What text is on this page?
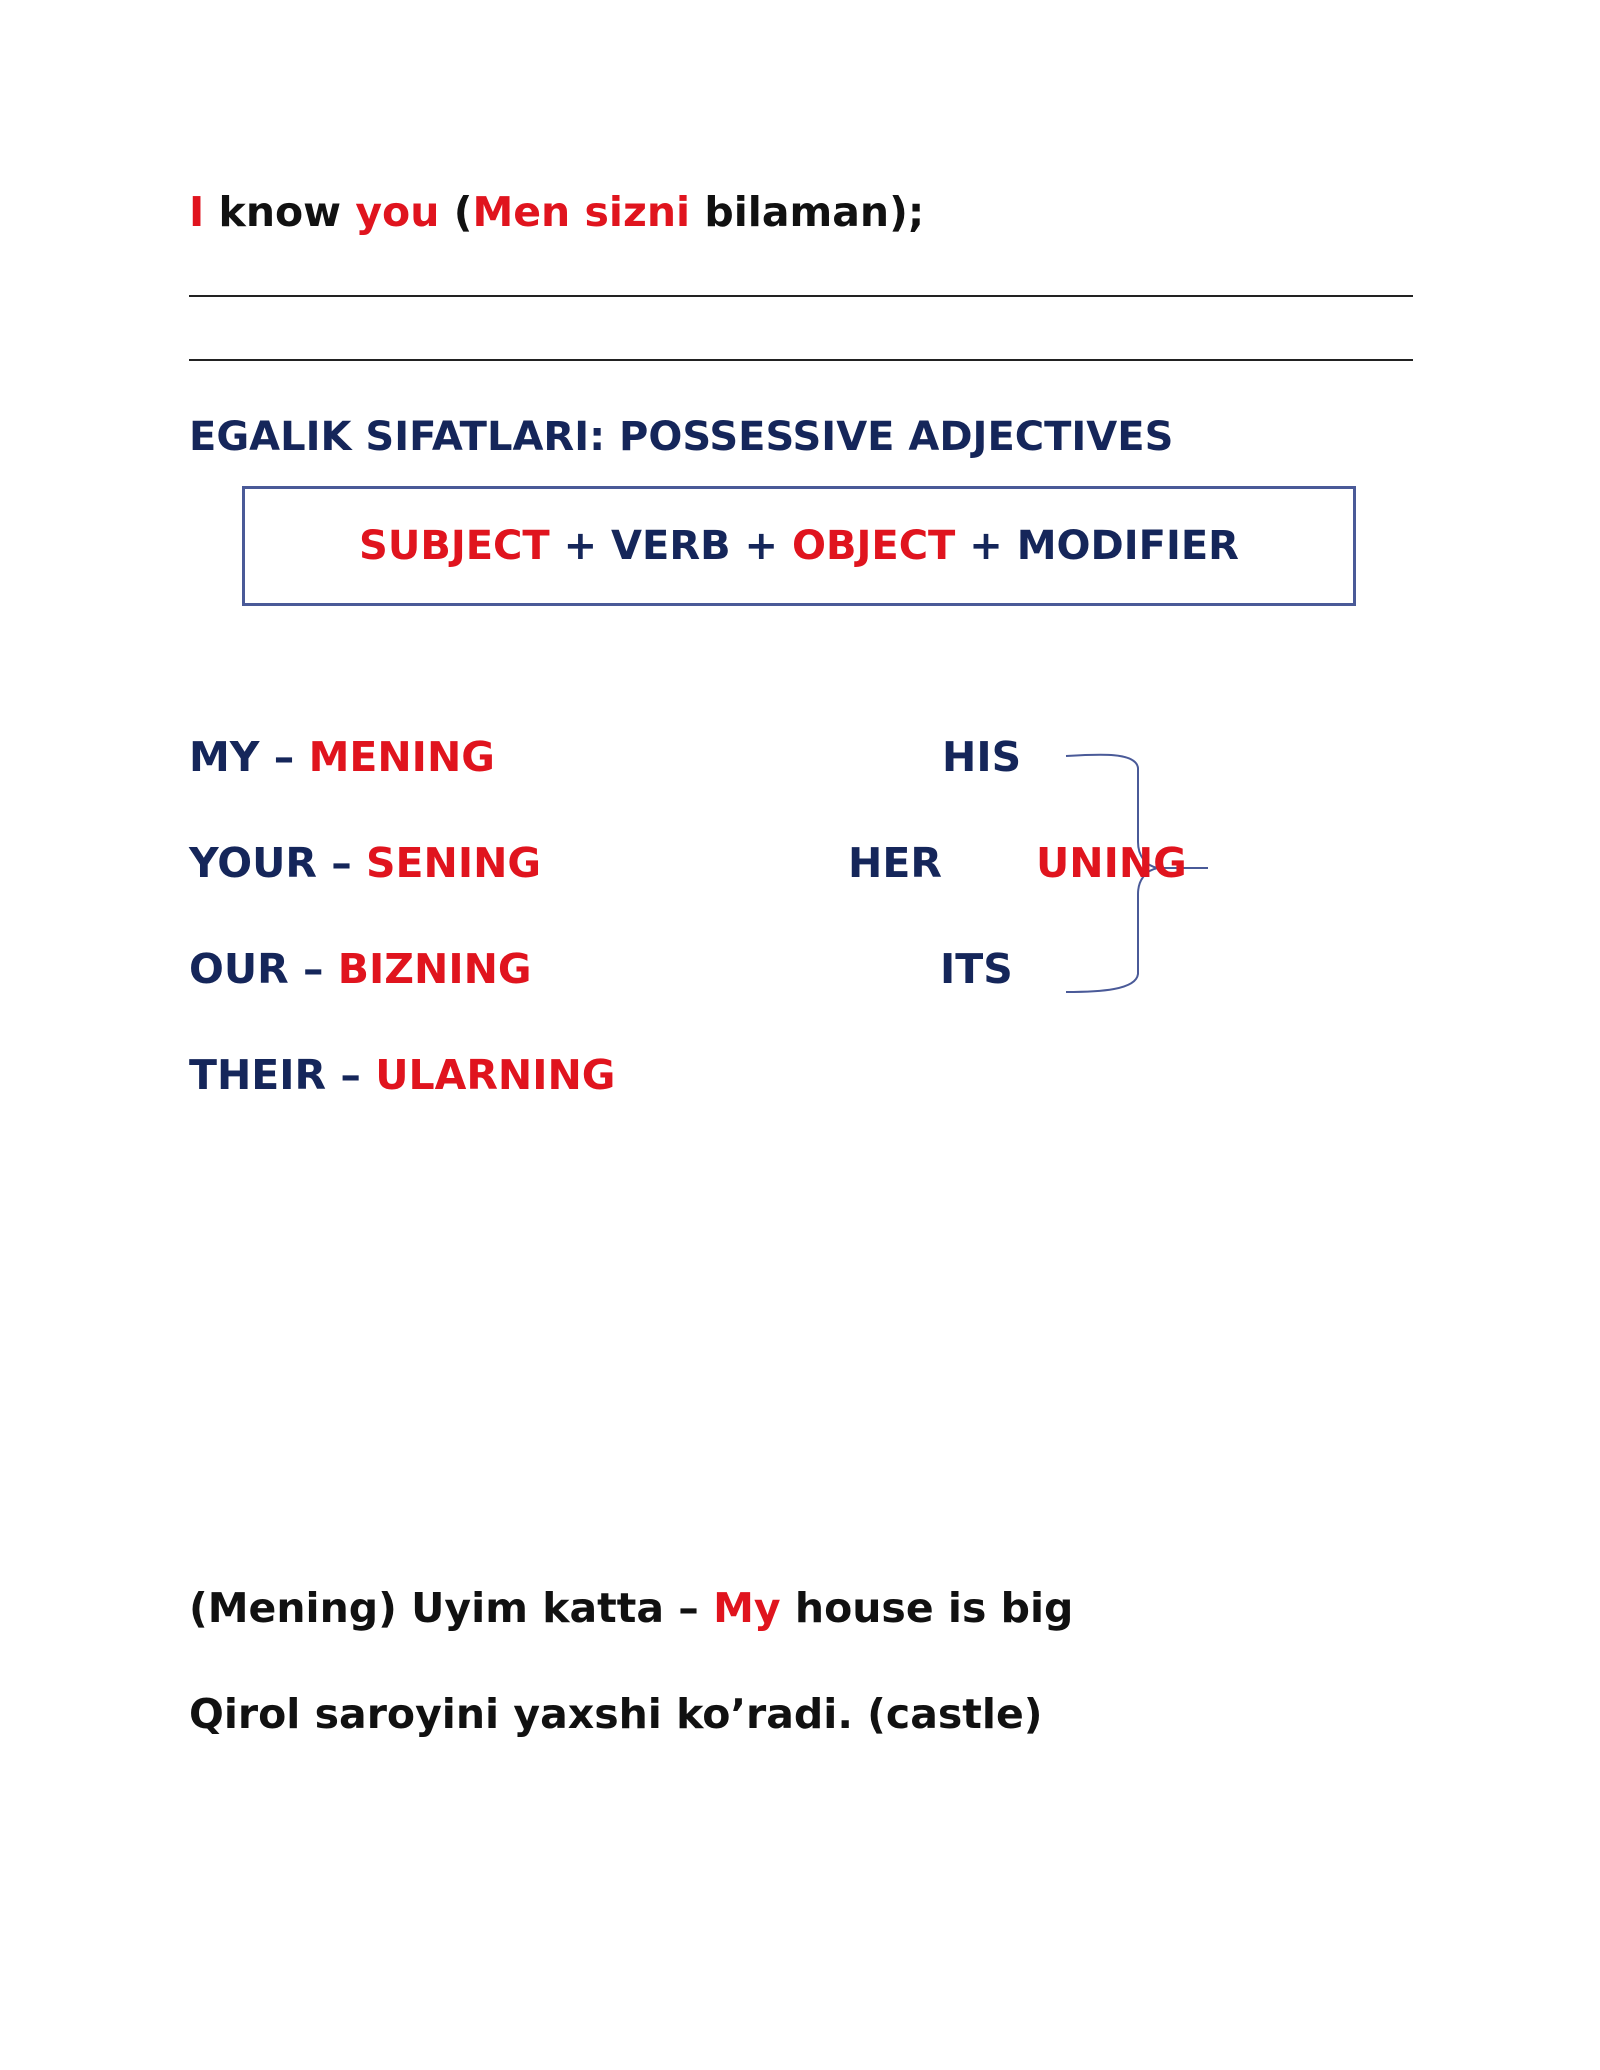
I know you (Men sizni bilaman);
EGALIK SIFATLARI: POSSESSIVE ADJECTIVES
SUBJECT + VERB + OBJECT + MODIFIER
MY – MENING
YOUR – SENING
OUR – BIZNING
THEIR – ULARNING
HIS
HER
ITS
UNING
(Mening) Uyim katta – My house is big
Qirol saroyini yaxshi ko’radi. (castle)
